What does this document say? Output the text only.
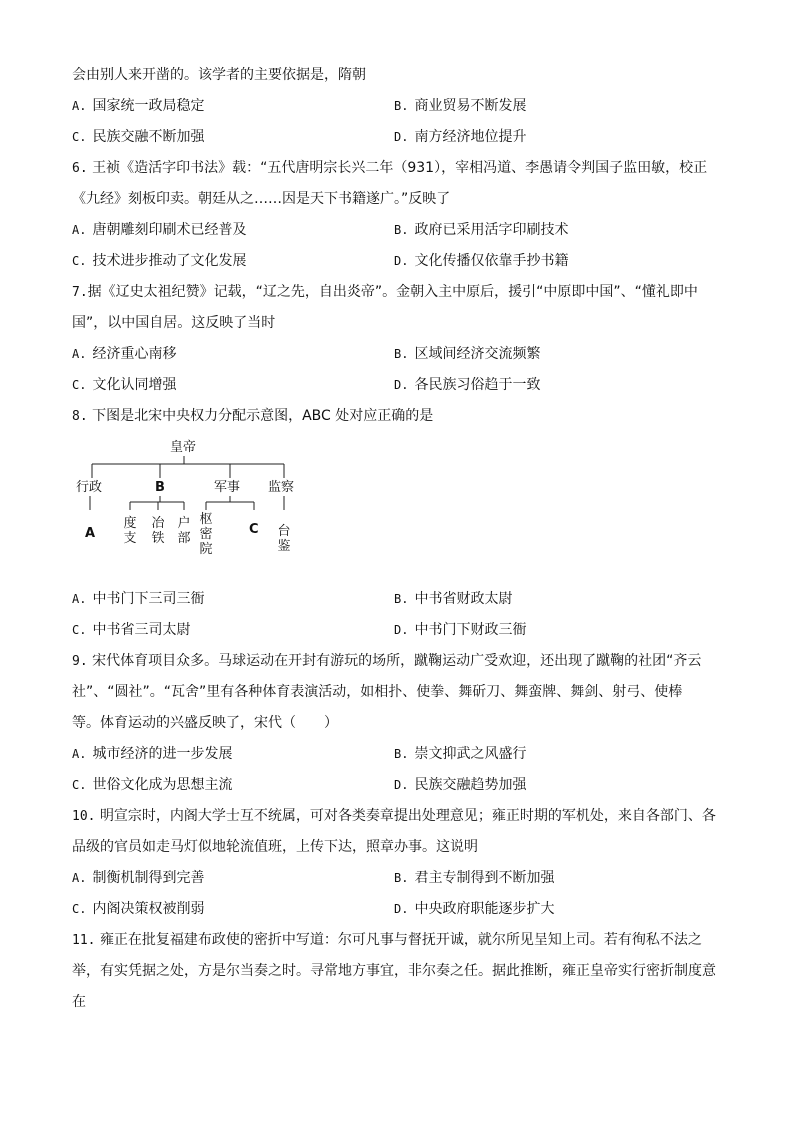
会由别人来开凿的。该学者的主要依据是，隋朝
A. 国家统一政局稳定	B. 商业贸易不断发展
C. 民族交融不断加强	D. 南方经济地位提升
6. 王祯《造活字印书法》载：“五代唐明宗长兴二年（931），宰相冯道、李愚请令判国子监田敏，校正
《九经》刻板印卖。朝廷从之……因是天下书籍遂广。”反映了
A. 唐朝雕刻印刷术已经普及	B. 政府已采用活字印刷技术
C. 技术进步推动了文化发展	D. 文化传播仅依靠手抄书籍
7.据《辽史太祖纪赞》记载，“辽之先，自出炎帝”。金朝入主中原后，援引“中原即中国”、“懂礼即中
国”，以中国自居。这反映了当时
A. 经济重心南移	B. 区域间经济交流频繁
C. 文化认同增强	D. 各民族习俗趋于一致
8. 下图是北宋中央权力分配示意图，ABC 处对应正确的是
皇帝
行政	B	军事 监察
A
度支
冶铁
户部
枢密院
C 台鉴
A. 中书门下三司三衙	B. 中书省财政太尉
C. 中书省三司太尉	D. 中书门下财政三衙
9. 宋代体育项目众多。马球运动在开封有游玩的场所，蹴鞠运动广受欢迎，还出现了蹴鞠的社团“齐云
社”、“圆社”。“瓦舍”里有各种体育表演活动，如相扑、使拳、舞斫刀、舞蛮牌、舞剑、射弓、使棒
等。体育运动的兴盛反映了，宋代（　　）
A. 城市经济的进一步发展	B. 崇文抑武之风盛行
C. 世俗文化成为思想主流	D. 民族交融趋势加强
10. 明宣宗时，内阁大学士互不统属，可对各类奏章提出处理意见；雍正时期的军机处，来自各部门、各
品级的官员如走马灯似地轮流值班，上传下达，照章办事。这说明
A. 制衡机制得到完善	B. 君主专制得到不断加强
C. 内阁决策权被削弱	D. 中央政府职能逐步扩大
11. 雍正在批复福建布政使的密折中写道：尔可凡事与督抚开诚，就尔所见呈知上司。若有徇私不法之
举，有实凭据之处，方是尔当奏之时。寻常地方事宜，非尔奏之任。据此推断，雍正皇帝实行密折制度意
在
